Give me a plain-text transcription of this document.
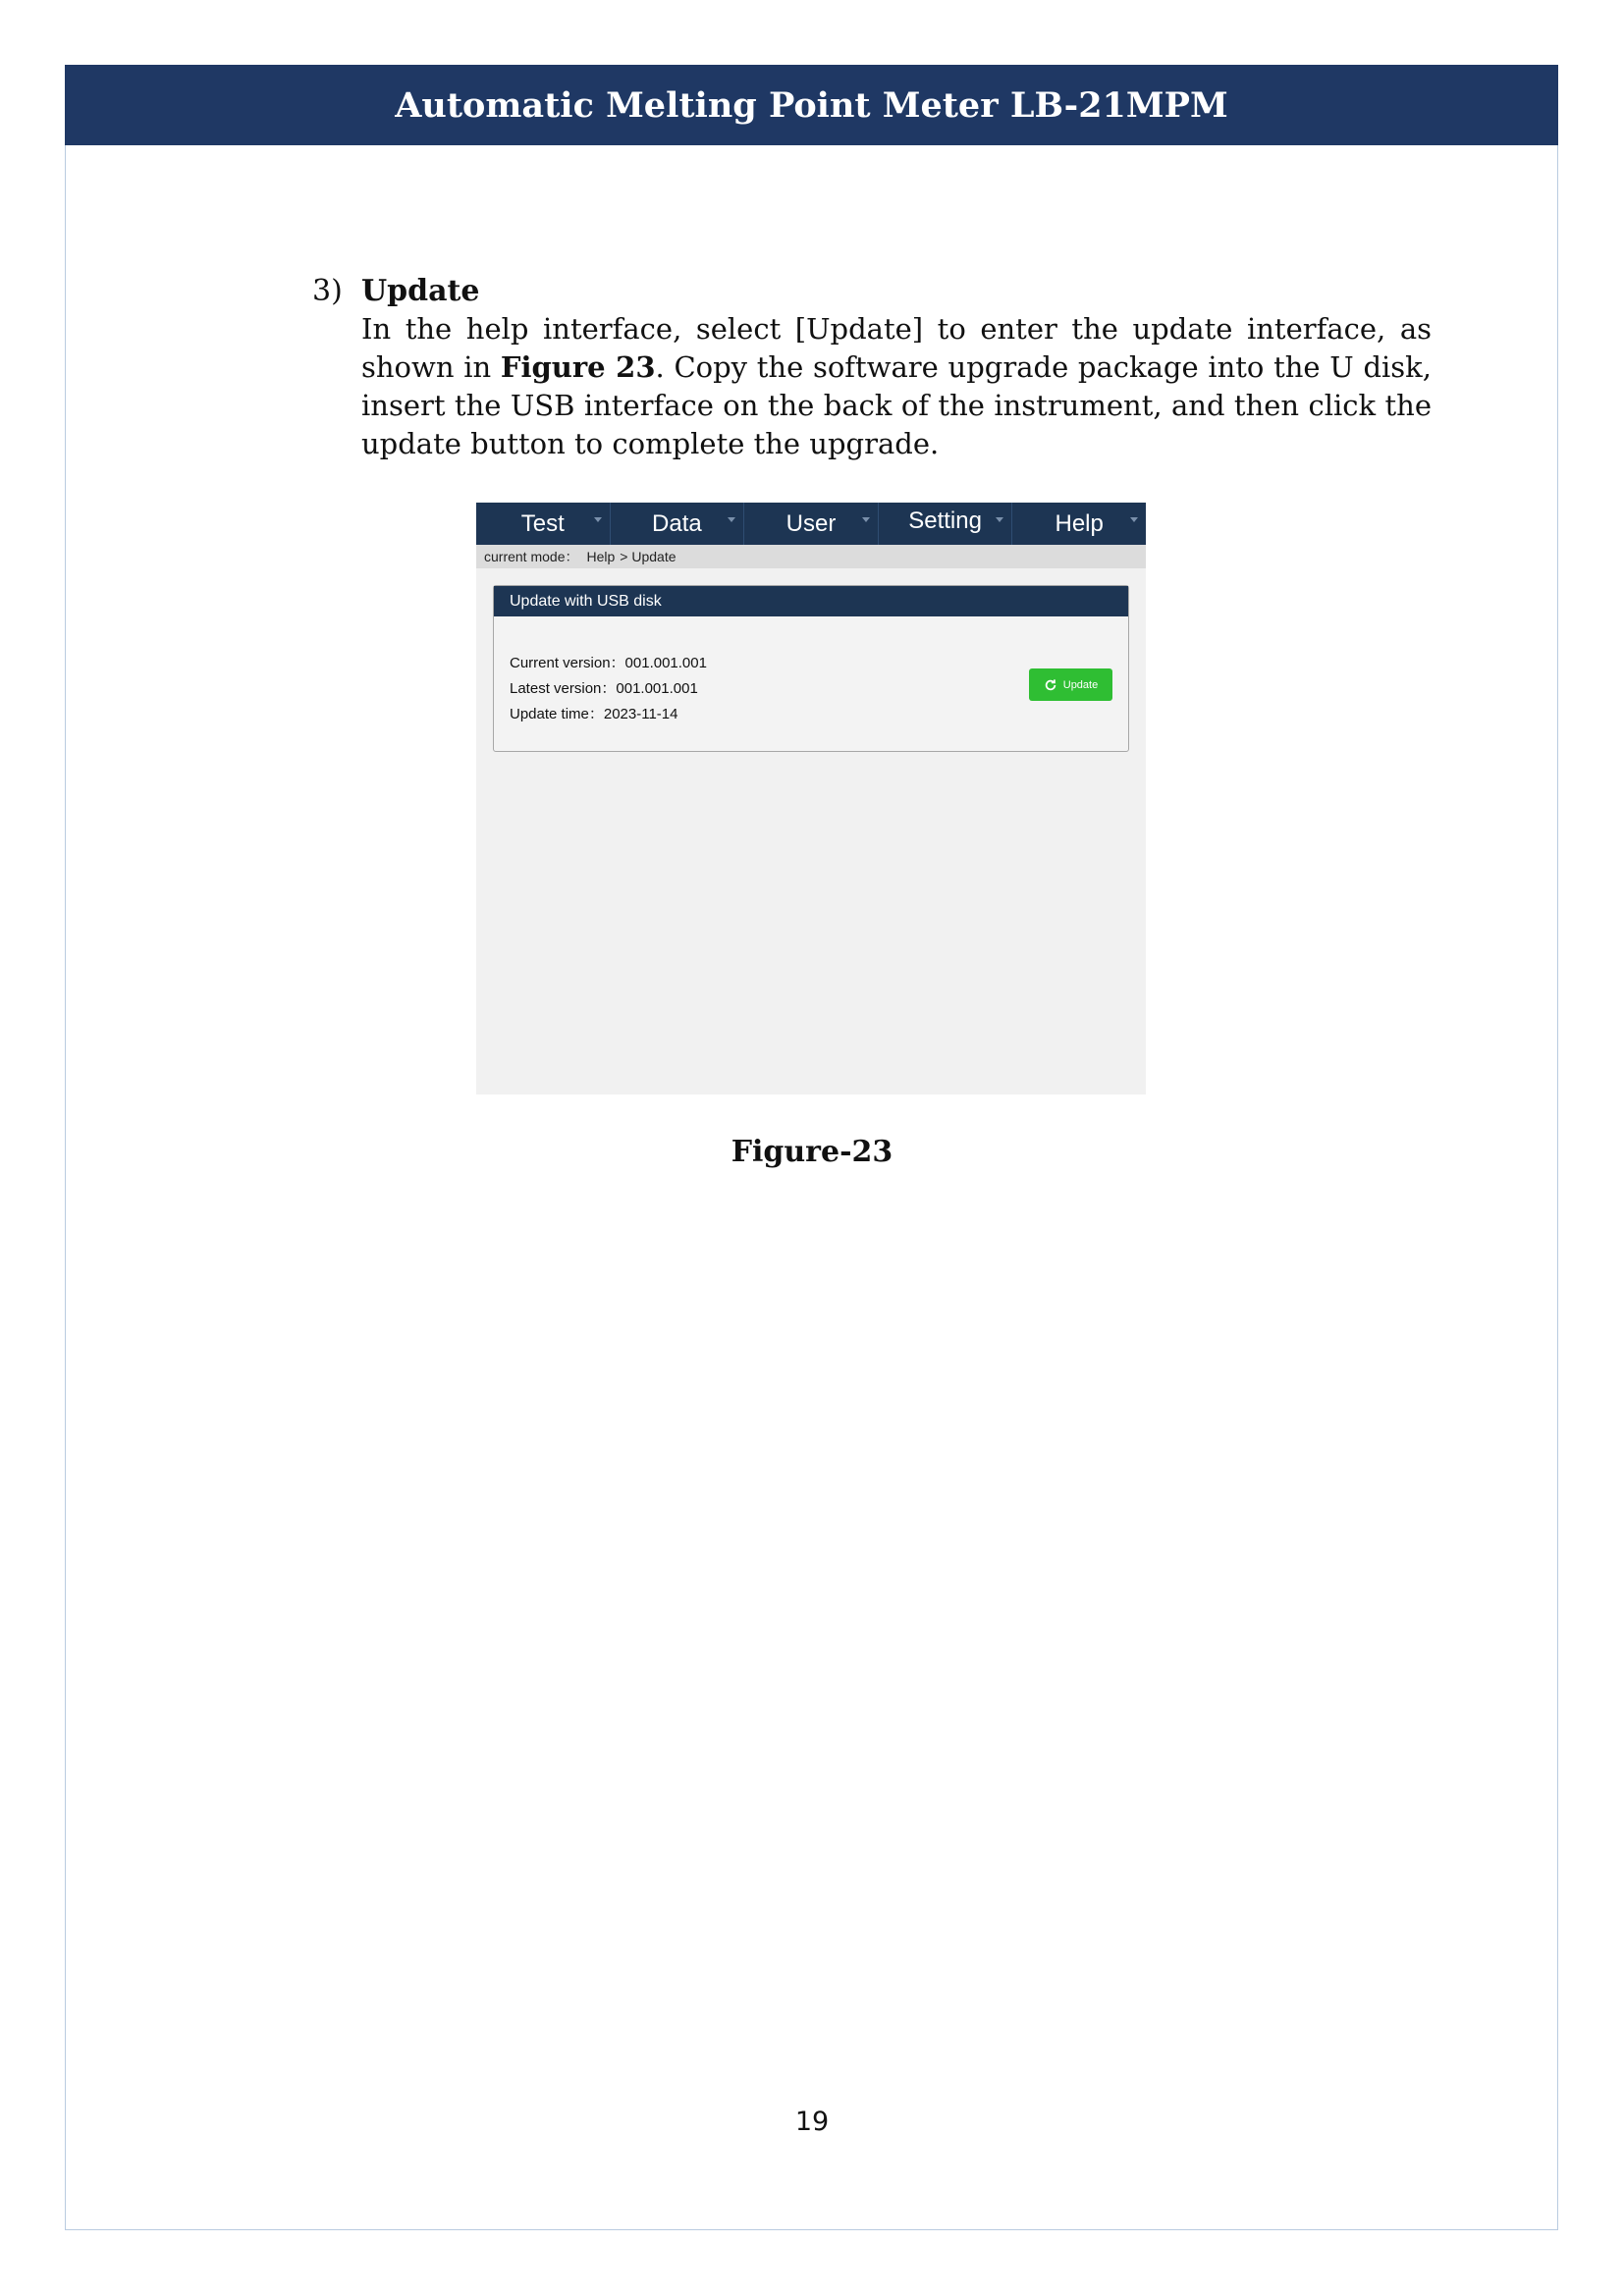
Automatic Melting Point Meter LB-21MPM
3) Update
In the help interface, select [Update] to enter the update interface, as shown in Figure 23. Copy the software upgrade package into the U disk, insert the USB interface on the back of the instrument, and then click the update button to complete the upgrade.
Test	Data	User	Setting	Help
current mode： Help > Update
Update with USB disk
Current version：001.001.001
Latest version：001.001.001
Update time：2023-11-14
Update
Figure-23
19
